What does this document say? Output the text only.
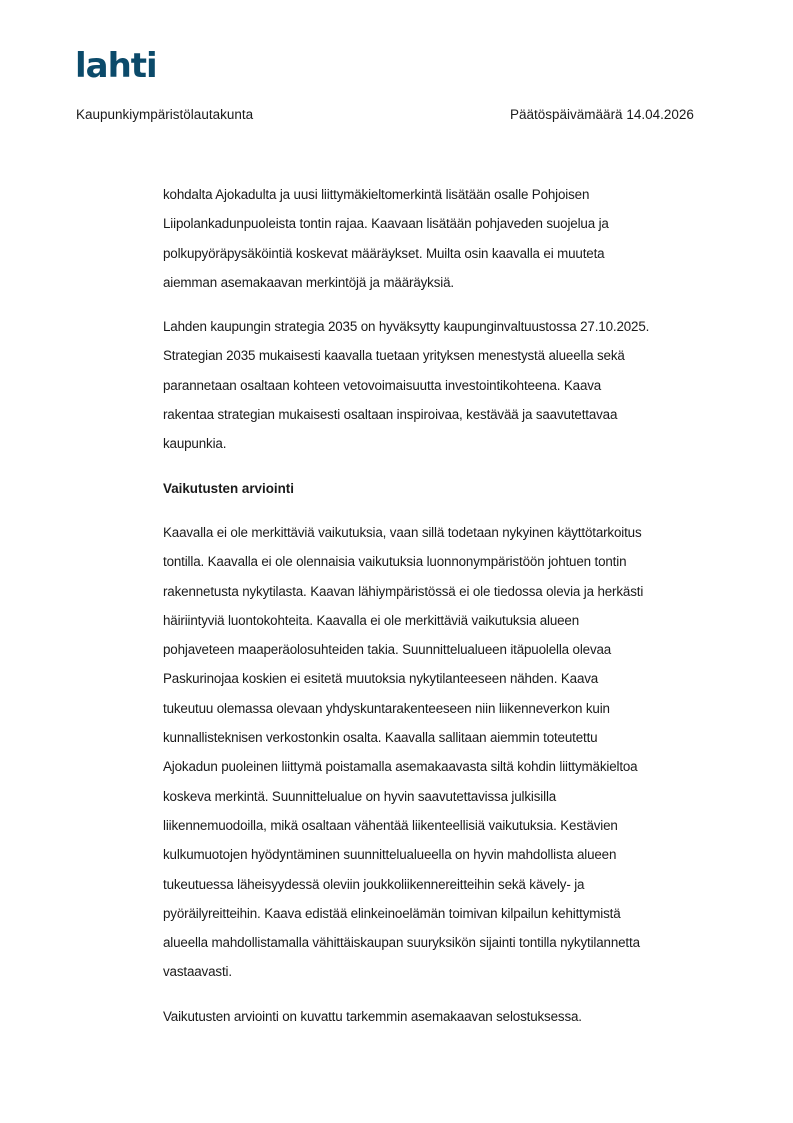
lahti
Kaupunkiympäristölautakunta	Päätöspäivämäärä 14.04.2026
kohdalta Ajokadulta ja uusi liittymäkieltomerkintä lisätään osalle Pohjoisen
Liipolankadunpuoleista tontin rajaa. Kaavaan lisätään pohjaveden suojelua ja
polkupyöräpysäköintiä koskevat määräykset. Muilta osin kaavalla ei muuteta
aiemman asemakaavan merkintöjä ja määräyksiä.
Lahden kaupungin strategia 2035 on hyväksytty kaupunginvaltuustossa 27.10.2025.
Strategian 2035 mukaisesti kaavalla tuetaan yrityksen menestystä alueella sekä
parannetaan osaltaan kohteen vetovoimaisuutta investointikohteena. Kaava
rakentaa strategian mukaisesti osaltaan inspiroivaa, kestävää ja saavutettavaa
kaupunkia.
Vaikutusten arviointi
Kaavalla ei ole merkittäviä vaikutuksia, vaan sillä todetaan nykyinen käyttötarkoitus
tontilla. Kaavalla ei ole olennaisia vaikutuksia luonnonympäristöön johtuen tontin
rakennetusta nykytilasta. Kaavan lähiympäristössä ei ole tiedossa olevia ja herkästi
häiriintyviä luontokohteita. Kaavalla ei ole merkittäviä vaikutuksia alueen
pohjaveteen maaperäolosuhteiden takia. Suunnittelualueen itäpuolella olevaa
Paskurinojaa koskien ei esitetä muutoksia nykytilanteeseen nähden. Kaava
tukeutuu olemassa olevaan yhdyskuntarakenteeseen niin liikenneverkon kuin
kunnallisteknisen verkostonkin osalta. Kaavalla sallitaan aiemmin toteutettu
Ajokadun puoleinen liittymä poistamalla asemakaavasta siltä kohdin liittymäkieltoa
koskeva merkintä. Suunnittelualue on hyvin saavutettavissa julkisilla
liikennemuodoilla, mikä osaltaan vähentää liikenteellisiä vaikutuksia. Kestävien
kulkumuotojen hyödyntäminen suunnittelualueella on hyvin mahdollista alueen
tukeutuessa läheisyydessä oleviin joukkoliikennereitteihin sekä kävely- ja
pyöräilyreitteihin. Kaava edistää elinkeinoelämän toimivan kilpailun kehittymistä
alueella mahdollistamalla vähittäiskaupan suuryksikön sijainti tontilla nykytilannetta
vastaavasti.
Vaikutusten arviointi on kuvattu tarkemmin asemakaavan selostuksessa.
